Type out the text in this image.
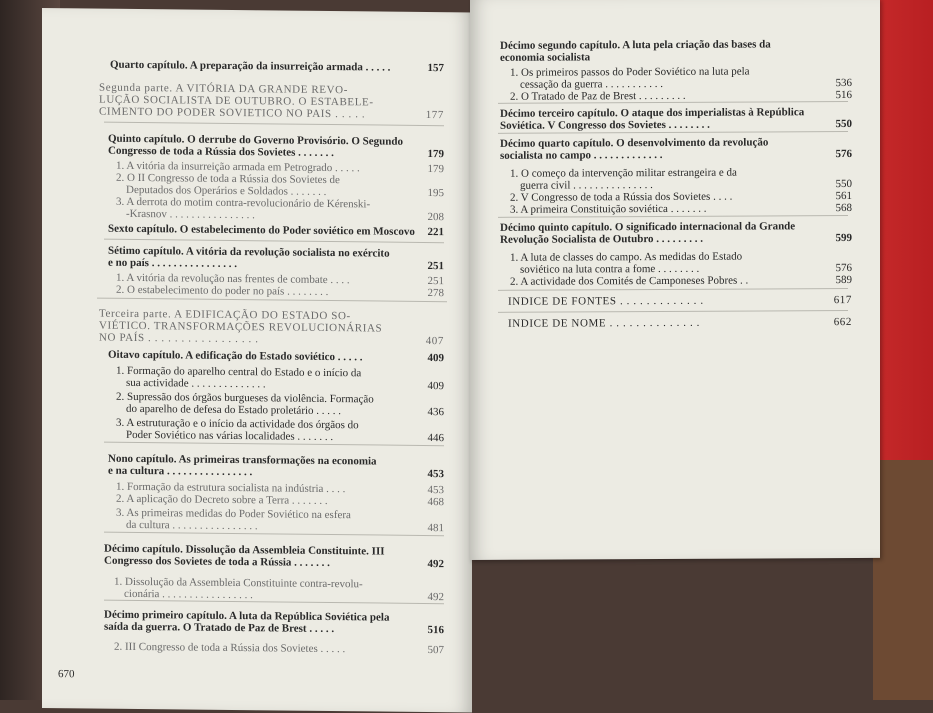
670
Quarto capítulo. A preparação da insurreição armada . . . . .	157
Segunda parte. A VITÓRIA DA GRANDE REVO-
LUÇÃO SOCIALISTA DE OUTUBRO. O ESTABELE-
CIMENTO DO PODER SOVIETICO NO PAIS . . . . .	177
Quinto capítulo. O derrube do Governo Provisório. O Segundo
Congresso de toda a Rússia dos Sovietes . . . . . . .	179
1. A vitória da insurreição armada em Petrogrado . . . . .	179
2. O II Congresso de toda a Rússia dos Sovietes de
Deputados dos Operários e Soldados . . . . . . .	195
3. A derrota do motim contra-revolucionário de Kérenski-
-Krasnov . . . . . . . . . . . . . . . .	208
Sexto capítulo. O estabelecimento do Poder soviético em Moscovo	221
Sétimo capítulo. A vitória da revolução socialista no exército
e no país . . . . . . . . . . . . . . . .	251
1. A vitória da revolução nas frentes de combate . . . .	251
2. O estabelecimento do poder no país . . . . . . . .	278
Terceira parte. A EDIFICAÇÃO DO ESTADO SO-
VIÉTICO. TRANSFORMAÇÕES REVOLUCIONÁRIAS
NO PAÍS . . . . . . . . . . . . . . . . .	407
Oitavo capítulo. A edificação do Estado soviético . . . . .	409
1. Formação do aparelho central do Estado e o início da
sua actividade . . . . . . . . . . . . . .	409
2. Supressão dos órgãos burgueses da violência. Formação
do aparelho de defesa do Estado proletário . . . . .	436
3. A estruturação e o início da actividade dos órgãos do
Poder Soviético nas várias localidades . . . . . . .	446
Nono capítulo. As primeiras transformações na economia
e na cultura . . . . . . . . . . . . . . . .	453
1. Formação da estrutura socialista na indústria . . . .	453
2. A aplicação do Decreto sobre a Terra . . . . . . .	468
3. As primeiras medidas do Poder Soviético na esfera
da cultura . . . . . . . . . . . . . . . .	481
Décimo capítulo. Dissolução da Assembleia Constituinte. III
Congresso dos Sovietes de toda a Rússia . . . . . . .	492
1. Dissolução da Assembleia Constituinte contra-revolu-
cionária . . . . . . . . . . . . . . . . .	492
Décimo primeiro capítulo. A luta da República Soviética pela
saída da guerra. O Tratado de Paz de Brest . . . . .	516
2. III Congresso de toda a Rússia dos Sovietes . . . . .	507
Décimo segundo capítulo. A luta pela criação das bases da
economia socialista
1. Os primeiros passos do Poder Soviético na luta pela
cessação da guerra . . . . . . . . . . .	536
2. O Tratado de Paz de Brest . . . . . . . . .	516
Décimo terceiro capítulo. O ataque dos imperialistas à República
Soviética. V Congresso dos Sovietes . . . . . . . .	550
Décimo quarto capítulo. O desenvolvimento da revolução
socialista no campo . . . . . . . . . . . . .	576
1. O começo da intervenção militar estrangeira e da
guerra civil . . . . . . . . . . . . . . .	550
2. V Congresso de toda a Rússia dos Sovietes . . . .	561
3. A primeira Constituição soviética . . . . . . .	568
Décimo quinto capítulo. O significado internacional da Grande
Revolução Socialista de Outubro . . . . . . . . .	599
1. A luta de classes do campo. As medidas do Estado
soviético na luta contra a fome . . . . . . . .	576
2. A actividade dos Comités de Camponeses Pobres . .	589
INDICE DE FONTES . . . . . . . . . . . . .	617
INDICE DE NOME . . . . . . . . . . . . . .	662
